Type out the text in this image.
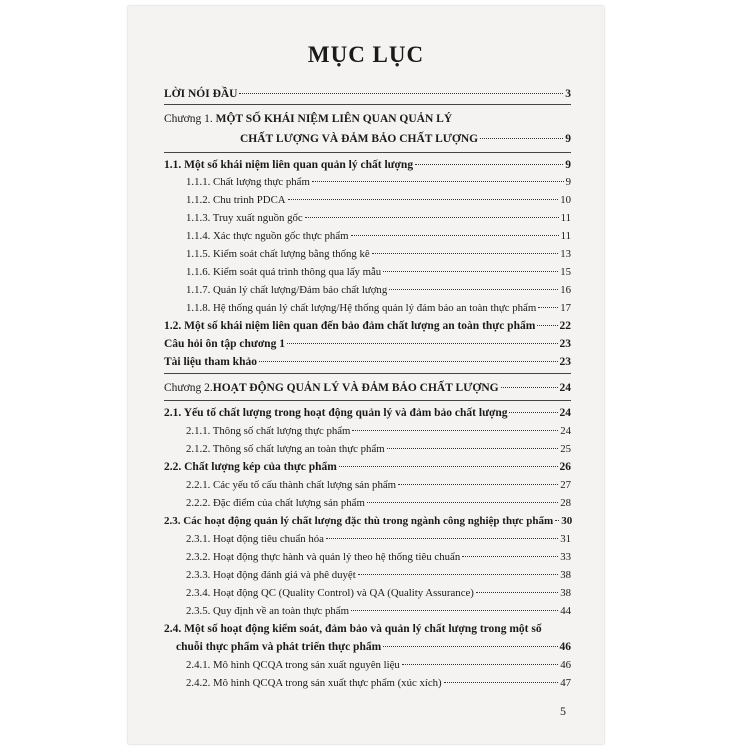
MỤC LỤC
LỜI NÓI ĐẦU	3
Chương 1. MỘT SỐ KHÁI NIỆM LIÊN QUAN QUẢN LÝ
CHẤT LƯỢNG VÀ ĐẢM BẢO CHẤT LƯỢNG	9
1.1. Một số khái niệm liên quan quản lý chất lượng	9
1.1.1. Chất lượng thực phẩm	9
1.1.2. Chu trình PDCA	10
1.1.3. Truy xuất nguồn gốc	11
1.1.4. Xác thực nguồn gốc thực phẩm	11
1.1.5. Kiểm soát chất lượng bằng thống kê	13
1.1.6. Kiểm soát quá trình thông qua lấy mẫu	15
1.1.7. Quản lý chất lượng/Đảm bảo chất lượng	16
1.1.8. Hệ thống quản lý chất lượng/Hệ thống quản lý đảm bảo an toàn thực phẩm 17
1.2. Một số khái niệm liên quan đến bảo đảm chất lượng an toàn thực phẩm 22
Câu hỏi ôn tập chương 1	23
Tài liệu tham khảo	23
Chương 2. HOẠT ĐỘNG QUẢN LÝ VÀ ĐẢM BẢO CHẤT LƯỢNG	24
2.1. Yếu tố chất lượng trong hoạt động quản lý và đảm bảo chất lượng	24
2.1.1. Thông số chất lượng thực phẩm	24
2.1.2. Thông số chất lượng an toàn thực phẩm	25
2.2. Chất lượng kép của thực phẩm	26
2.2.1. Các yếu tố cấu thành chất lượng sản phẩm	27
2.2.2. Đặc điểm của chất lượng sản phẩm	28
2.3. Các hoạt động quản lý chất lượng đặc thù trong ngành công nghiệp thực phẩm 30
2.3.1. Hoạt động tiêu chuẩn hóa	31
2.3.2. Hoạt động thực hành và quản lý theo hệ thống tiêu chuẩn	33
2.3.3. Hoạt động đánh giá và phê duyệt	38
2.3.4. Hoạt động QC (Quality Control) và QA (Quality Assurance)	38
2.3.5. Quy định về an toàn thực phẩm	44
2.4. Một số hoạt động kiểm soát, đảm bảo và quản lý chất lượng trong một số
chuỗi thực phẩm và phát triển thực phẩm	46
2.4.1. Mô hình QCQA trong sản xuất nguyên liệu	46
2.4.2. Mô hình QCQA trong sản xuất thực phẩm (xúc xích)	47
5
